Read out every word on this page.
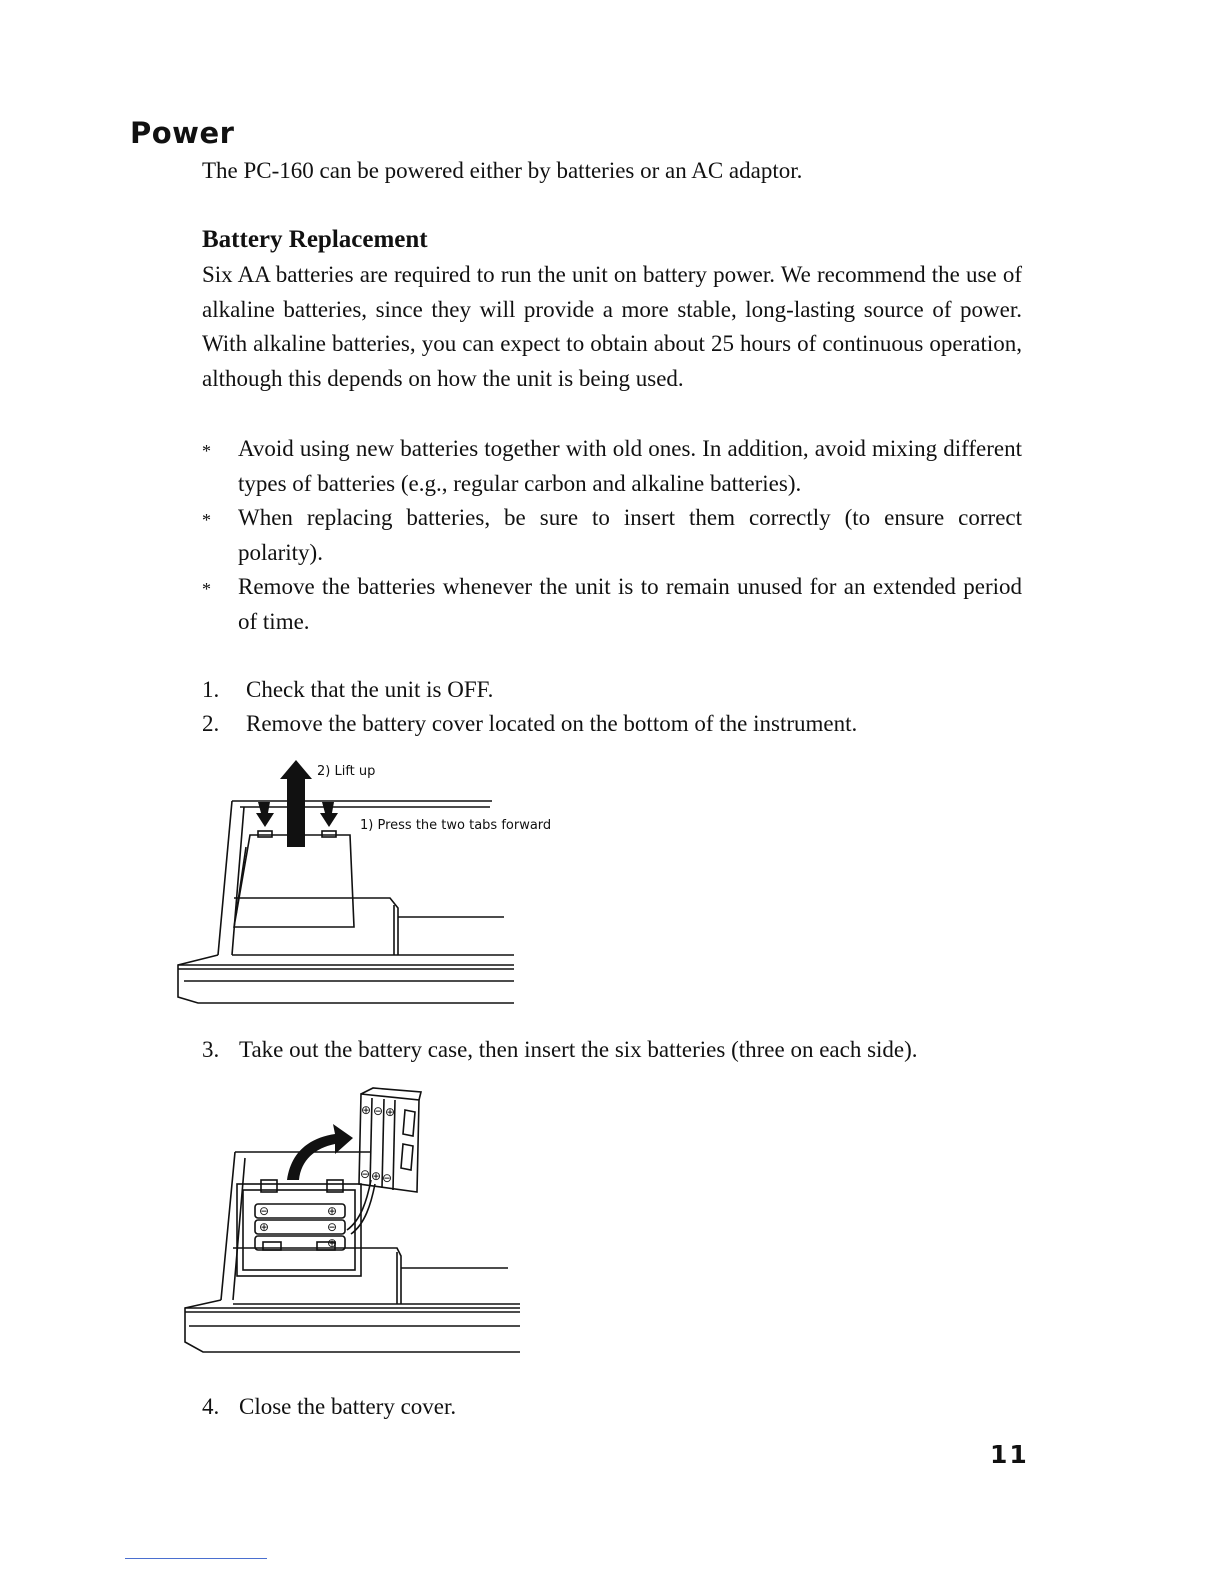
Power

The PC-160 can be powered either by batteries or an AC adaptor.

Battery Replacement

Six AA batteries are required to run the unit on battery power. We recommend the use of alkaline batteries, since they will provide a more stable, long-lasting source of power. With alkaline batteries, you can expect to obtain about 25 hours of continuous operation, although this depends on how the unit is being used.

* Avoid using new batteries together with old ones. In addition, avoid mixing different types of batteries (e.g., regular carbon and alkaline batteries).
* When replacing batteries, be sure to insert them correctly (to ensure correct polarity).
* Remove the batteries whenever the unit is to remain unused for an extended period of time.
1. Check that the unit is OFF.
2. Remove the battery cover located on the bottom of the instrument.
2) Lift up
1) Press the two tabs forward
3. Take out the battery case, then insert the six batteries (three on each side).
⊖	⊕
⊕	⊖
⊕
⊕ ⊖ ⊕
⊖ ⊕ ⊖
4. Close the battery cover.

11
